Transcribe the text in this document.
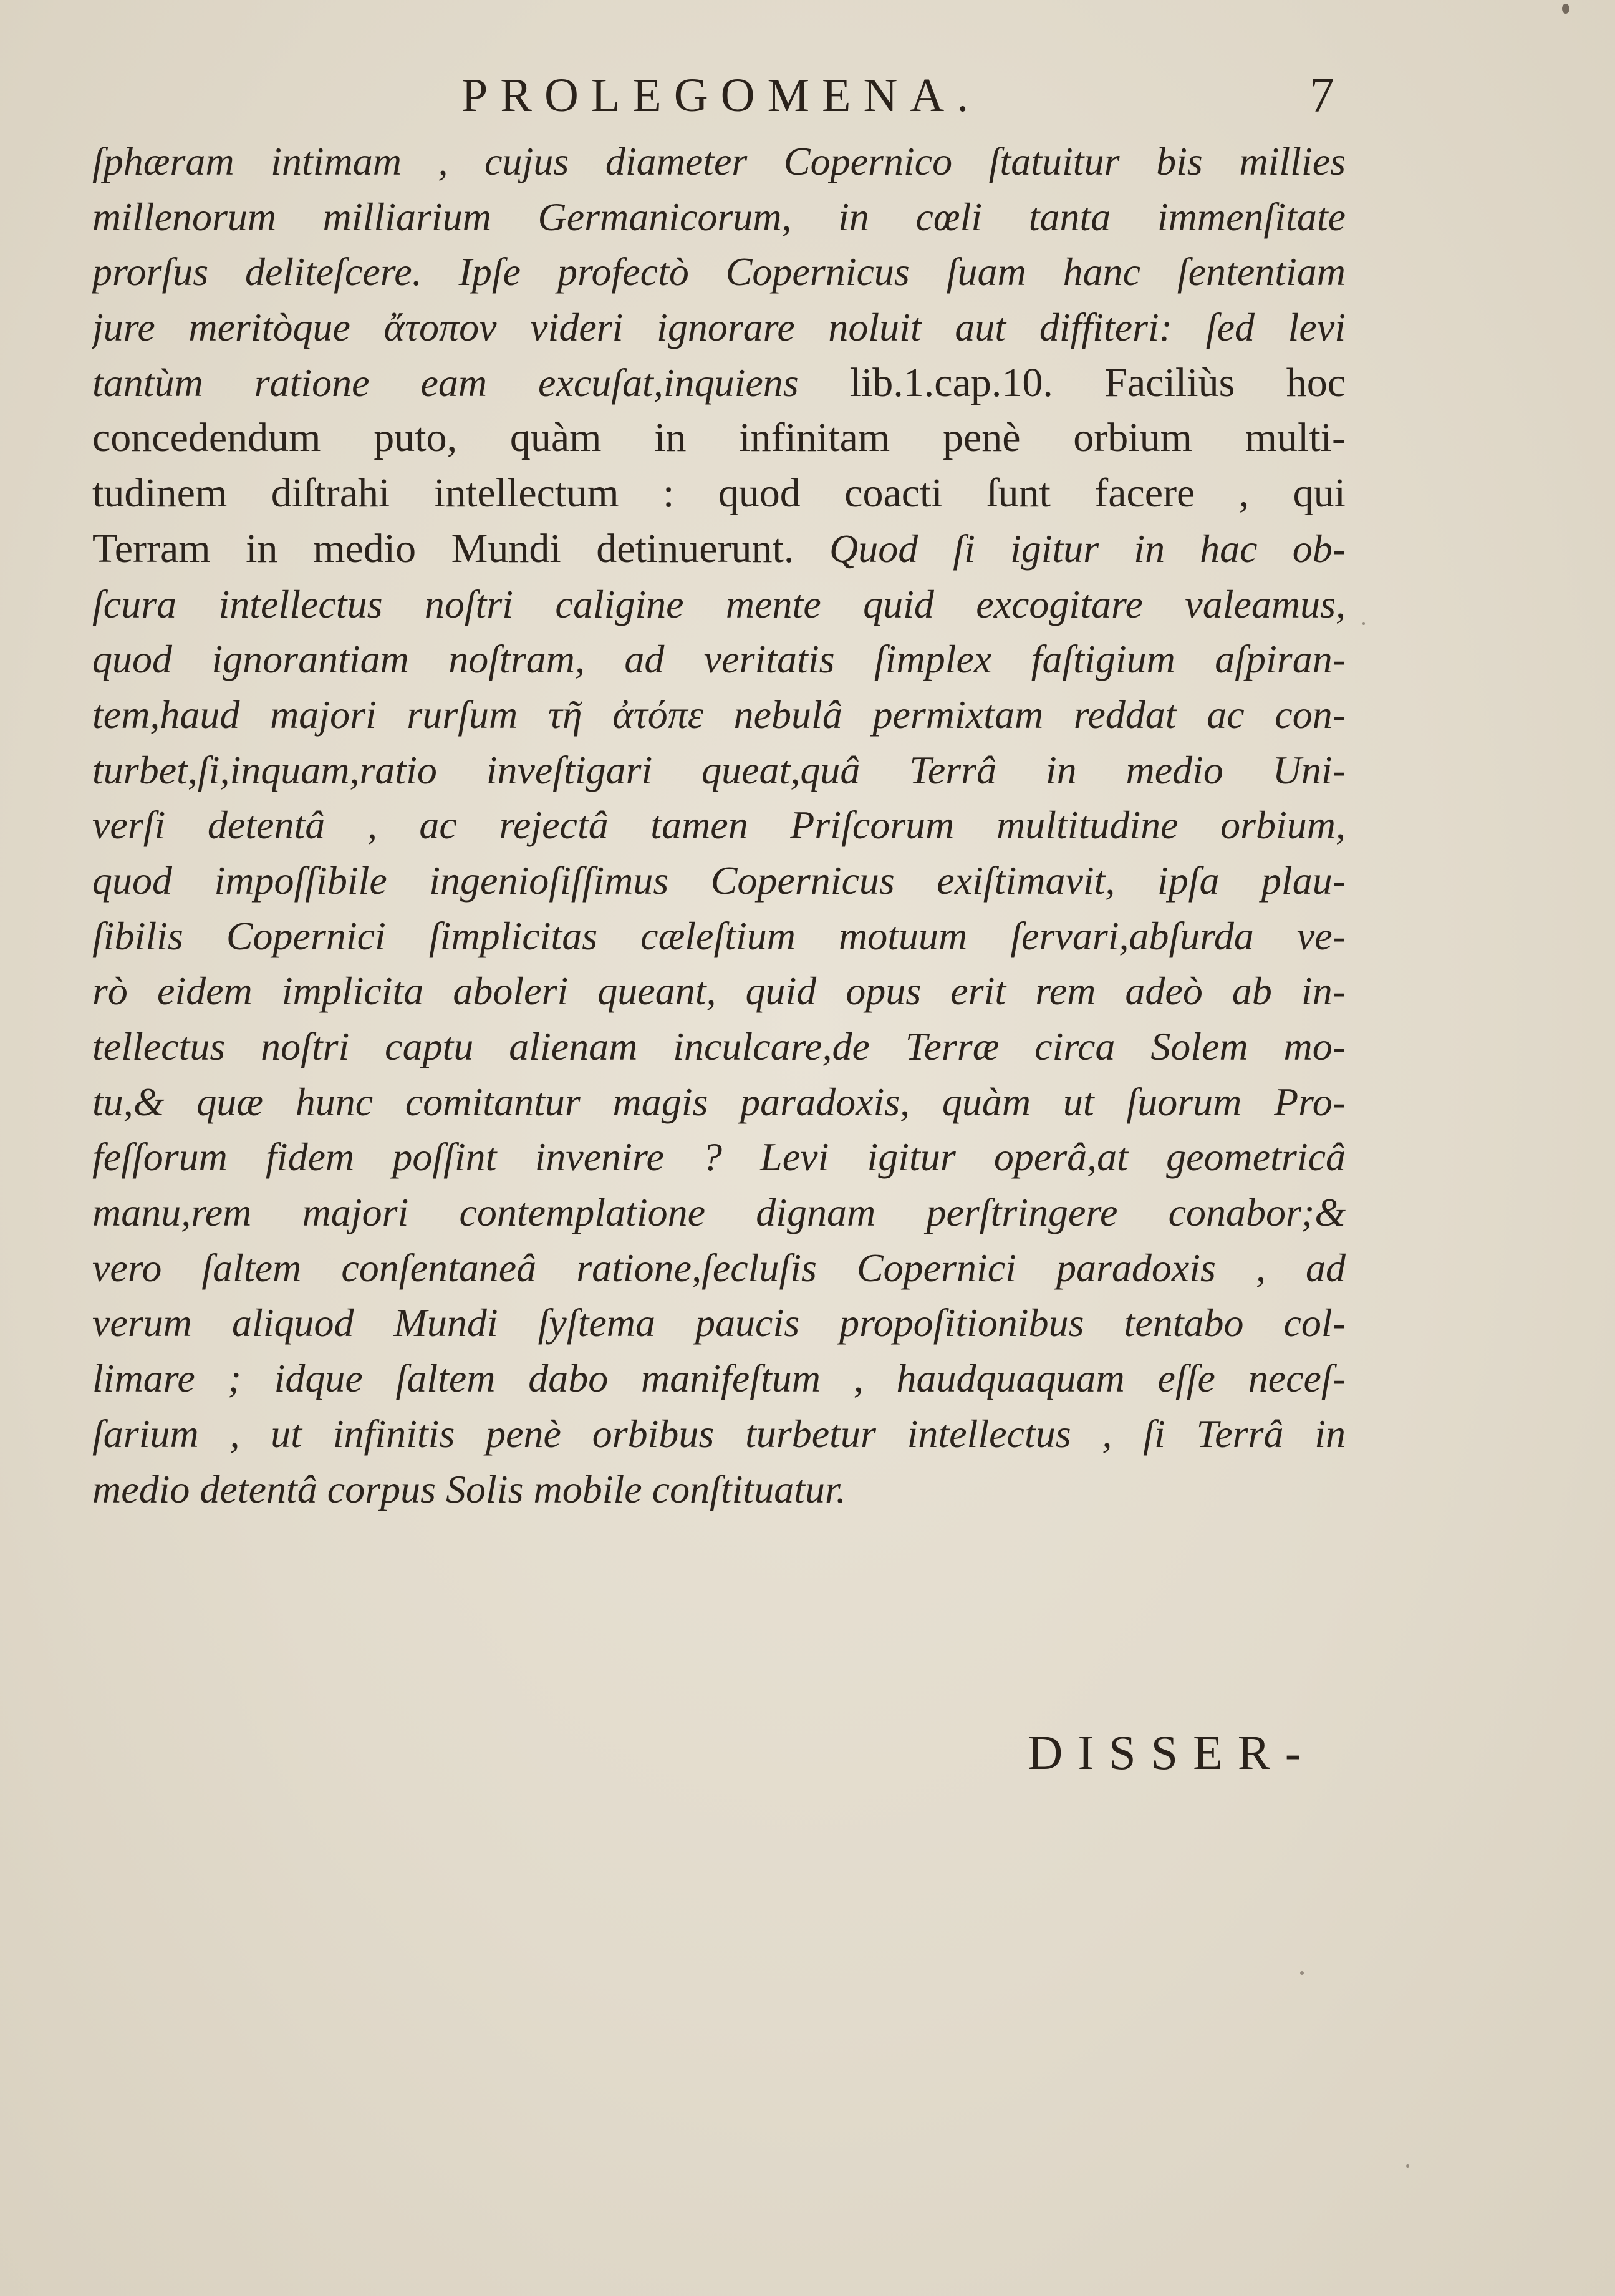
PROLEGOMENA.	7
ſphæram intimam , cujus diameter Copernico ſtatuitur bis millies
millenorum milliarium Germanicorum, in cœli tanta immenſitate
prorſus deliteſcere. Ipſe profectò Copernicus ſuam hanc ſententiam
jure meritòque ἄτοπον videri ignorare noluit aut diffiteri: ſed levi
tantùm ratione eam excuſat,inquiens lib.1.cap.10. Faciliùs hoc
concedendum puto, quàm in infinitam penè orbium multi-
tudinem diſtrahi intellectum : quod coacti ſunt facere , qui
Terram in medio Mundi detinuerunt. Quod ſi igitur in hac ob-
ſcura intellectus noſtri caligine mente quid excogitare valeamus,
quod ignorantiam noſtram, ad veritatis ſimplex faſtigium aſpiran-
tem,haud majori rurſum τῆ ἀτόπε nebulâ permixtam reddat ac con-
turbet,ſi,inquam,ratio inveſtigari queat,quâ Terrâ in medio Uni-
verſi detentâ , ac rejectâ tamen Priſcorum multitudine orbium,
quod impoſſibile ingenioſiſſimus Copernicus exiſtimavit, ipſa plau-
ſibilis Copernici ſimplicitas cæleſtium motuum ſervari,abſurda ve-
rò eidem implicita aboleri queant, quid opus erit rem adeò ab in-
tellectus noſtri captu alienam inculcare,de Terræ circa Solem mo-
tu,& quæ hunc comitantur magis paradoxis, quàm ut ſuorum Pro-
feſſorum fidem poſſint invenire ? Levi igitur operâ,at geometricâ
manu,rem majori contemplatione dignam perſtringere conabor;&
vero ſaltem conſentaneâ ratione,ſecluſis Copernici paradoxis , ad
verum aliquod Mundi ſyſtema paucis propoſitionibus tentabo col-
limare ; idque ſaltem dabo manifeſtum , haudquaquam eſſe neceſ-
ſarium , ut infinitis penè orbibus turbetur intellectus , ſi Terrâ in
medio detentâ corpus Solis mobile conſtituatur.
DISSER-
